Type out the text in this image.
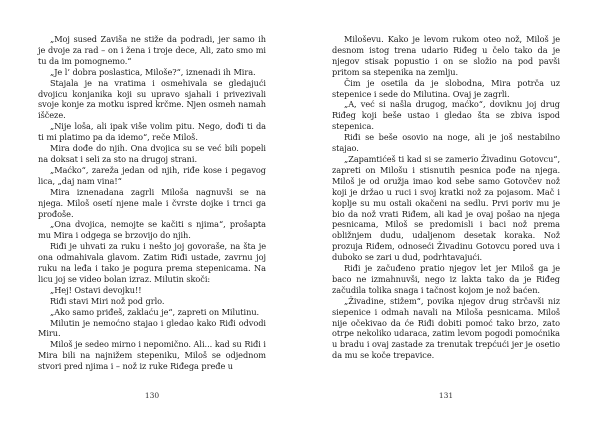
„Moj sused Zaviša ne stiže da podradi, jer samo ih je dvoje za rad – on i žena i troje dece, Ali, zato smo mi tu da im pomognemo.“

„Je l’ dobra poslastica, Miloše?“, iznenadi ih Mira.

Stajala je na vratima i osmehivala se gledajući dvojicu konjanika koji su upravo sjahali i privezivali svoje konje za motku ispred krčme. Njen osmeh namah iščeze.

„Nije loša, ali ipak više volim pitu. Nego, dođi ti da ti mi platimo pa da idemo“, reče Miloš.

Mira dođe do njih. Ona dvojica su se već bili popeli na doksat i seli za sto na drugoj strani.

„Maćko“, zareža jedan od njih, riđe kose i pegavog lica, „daj nam vina!“

Mira iznenadana zagrli Miloša nagnuvši se na njega. Miloš osetí njene male i čvrste dojke i trnci ga prođoše.

„Ona dvojica, nemojte se kačiti s njima“, prošapta mu Mira i odgega se brzovijo do njih.

Riđi je uhvati za ruku i nešto joj govoraše, na šta je ona odmahivala glavom. Zatim Riđi ustade, zavrnu joj ruku na leđa i tako je pogura prema stepenicama. Na licu joj se video bolan izraz. Milutin skoči:

„Hej! Ostavi devojku!!

Riđi stavi Miri nož pod grlo.

„Ako samo priđeš, zaklaću je“, zapreti on Milutinu.

Milutin je nemoćno stajao i gledao kako Riđi odvodi Miru.

Miloš je sedeo mirno i nepomično. Ali... kad su Riđi i Mira bili na najnižem stepeniku, Miloš se odjednom stvori pred njima i – nož iz ruke Riđega pređe u

130

Miloševu. Kako je levom rukom oteo nož, Miloš je desnom istog trena udario Riđeg u čelo tako da je njegov stisak popustio i on se složio na pod pavši pritom sa stepenika na zemlju.

Čim je osetila da je slobodna, Mira potrča uz stepenice i sede do Milutina. Ovaj je zagrli.

„A, već si našla drugog, maćko“, doviknu joj drug Riđeg koji beše ustao i gledao šta se zbiva ispod stepenica.

Riđi se beše osovio na noge, ali je još nestabilno stajao.

„Zapamtićeš ti kad si se zamerio Živadinu Gotovcu“, zapreti on Milošu i stisnutih pesnica pođe na njega. Miloš je od oružja imao kod sebe samo Gotovčev nož koji je držao u ruci i svoj kratki nož za pojasom. Mač i koplje su mu ostali okačeni na sedlu. Prvi poriv mu je bio da nož vrati Riđem, ali kad je ovaj pošao na njega pesnicama, Miloš se predomisli i baci nož prema obližnjem dudu, udaljenom desetak koraka. Nož prozuja Riđem, odnoseći Živadinu Gotovcu pored uva i duboko se zari u dud, podrhtavajući.

Riđi je začuđeno pratio njegov let jer Miloš ga je baco ne izmahnuvši, nego iz lakta tako da je Riđeg začudila tolika snaga i tačnost kojom je nož baćen.

„Živadine, stižem“, povika njegov drug strčavši niz siepenice i odmah navali na Miloša pesnicama. Miloš nije očekivao da će Riđi dobiti pomoć tako brzo, zato otrpe nekoliko udaraca, zatim levom pogodi pomoćnika u bradu i ovaj zastade za trenutak trepćući jer je osetio da mu se koče trepavice.

131
